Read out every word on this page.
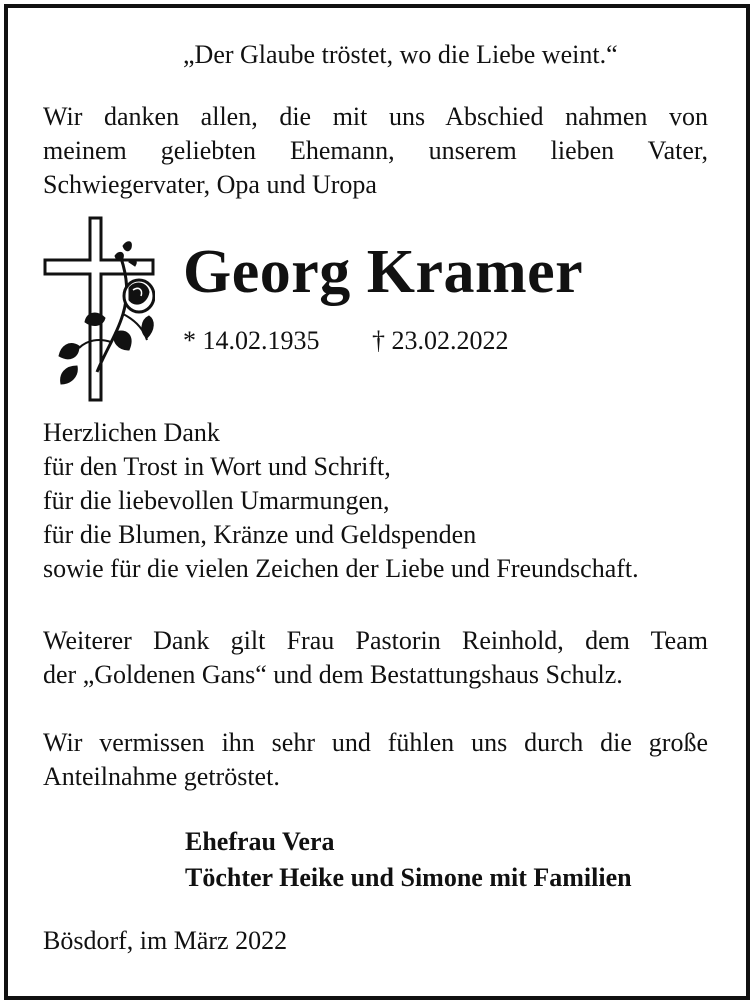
„Der Glaube tröstet, wo die Liebe weint.“
Wir danken allen, die mit uns Abschied nahmen von
meinem geliebten Ehemann, unserem lieben Vater,
Schwiegervater, Opa und Uropa
Georg Kramer
* 14.02.1935 † 23.02.2022
Herzlichen Dank
für den Trost in Wort und Schrift,
für die liebevollen Umarmungen,
für die Blumen, Kränze und Geldspenden
sowie für die vielen Zeichen der Liebe und Freundschaft.
Weiterer Dank gilt Frau Pastorin Reinhold, dem Team
der „Goldenen Gans“ und dem Bestattungshaus Schulz.
Wir vermissen ihn sehr und fühlen uns durch die große
Anteilnahme getröstet.
Ehefrau Vera
Töchter Heike und Simone mit Familien
Bösdorf, im März 2022
